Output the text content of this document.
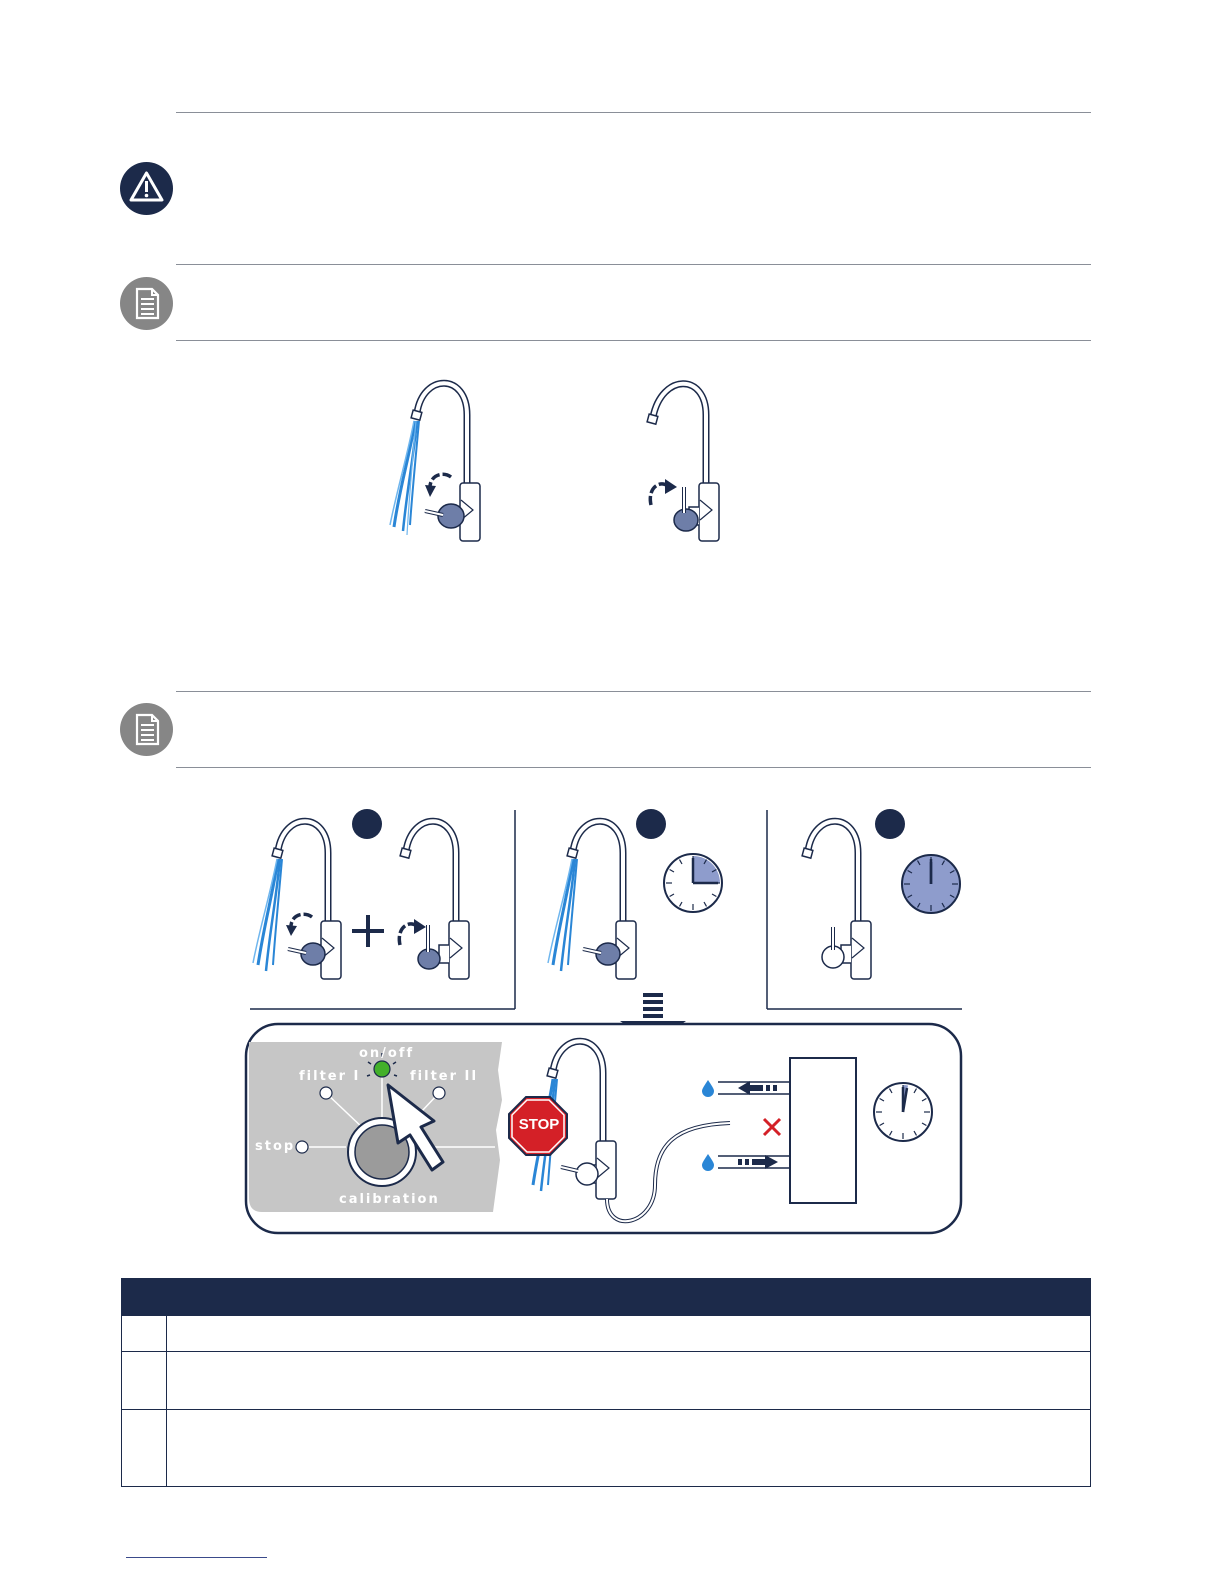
on/off
filter I	filter II
stop
calibration
STOP
